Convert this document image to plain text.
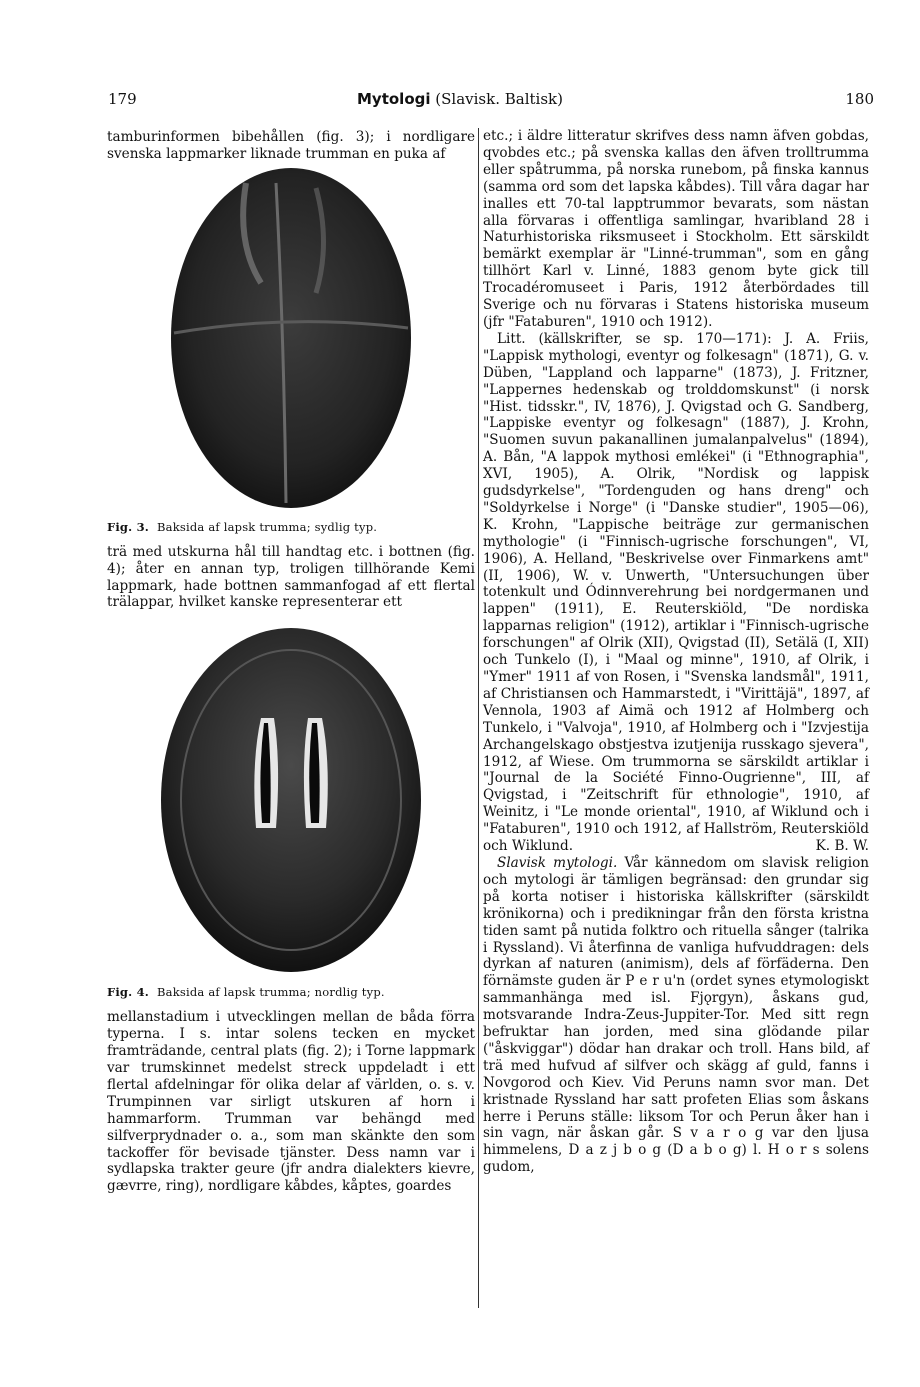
179	Mytologi (Slavisk. Baltisk)	180

tamburinformen bibehållen (fig. 3); i nordligare svenska lappmarker liknade trumman en puka af

Fig. 3. Baksida af lapsk trumma; sydlig typ.

trä med utskurna hål till handtag etc. i bottnen (fig. 4); åter en annan typ, troligen tillhörande Kemi lappmark, hade bottnen sammanfogad af ett flertal trälappar, hvilket kanske representerar ett

Fig. 4. Baksida af lapsk trumma; nordlig typ.

mellanstadium i utvecklingen mellan de båda förra typerna. I s. intar solens tecken en mycket framträdande, central plats (fig. 2); i Torne lappmark var trumskinnet medelst streck uppdeladt i ett flertal afdelningar för olika delar af världen, o. s. v. Trumpinnen var sirligt utskuren af horn i hammarform. Trumman var behängd med silfverprydnader o. a., som man skänkte den som tackoffer för bevisade tjänster. Dess namn var i sydlapska trakter geure (jfr andra dialekters kievre, gævrre, ring), nordligare kåbdes, kåptes, goardes

etc.; i äldre litteratur skrifves dess namn äfven gobdas, qvobdes etc.; på svenska kallas den äfven trolltrumma eller spåtrumma, på norska runebom, på finska kannus (samma ord som det lapska kåbdes). Till våra dagar har inalles ett 70-tal lapptrummor bevarats, som nästan alla förvaras i offentliga samlingar, hvaribland 28 i Naturhistoriska riksmuseet i Stockholm. Ett särskildt bemärkt exemplar är "Linné-trumman", som en gång tillhört Karl v. Linné, 1883 genom byte gick till Trocadéromuseet i Paris, 1912 återbördades till Sverige och nu förvaras i Statens historiska museum (jfr "Fataburen", 1910 och 1912).

Litt. (källskrifter, se sp. 170—171): J. A. Friis, "Lappisk mythologi, eventyr og folkesagn" (1871), G. v. Düben, "Lappland och lapparne" (1873), J. Fritzner, "Lappernes hedenskab og trolddomskunst" (i norsk "Hist. tidsskr.", IV, 1876), J. Qvigstad och G. Sandberg, "Lappiske eventyr og folkesagn" (1887), J. Krohn, "Suomen suvun pakanallinen jumalanpalvelus" (1894), A. Bån, "A lappok mythosi emlékei" (i "Ethnographia", XVI, 1905), A. Olrik, "Nordisk og lappisk gudsdyrkelse", "Tordenguden og hans dreng" och "Soldyrkelse i Norge" (i "Danske studier", 1905—06), K. Krohn, "Lappische beiträge zur germanischen mythologie" (i "Finnisch-ugrische forschungen", VI, 1906), A. Helland, "Beskrivelse over Finmarkens amt" (II, 1906), W. v. Unwerth, "Untersuchungen über totenkult und Ódinnverehrung bei nordgermanen und lappen" (1911), E. Reuterskiöld, "De nordiska lapparnas religion" (1912), artiklar i "Finnisch-ugrische forschungen" af Olrik (XII), Qvigstad (II), Setälä (I, XII) och Tunkelo (I), i "Maal og minne", 1910, af Olrik, i "Ymer" 1911 af von Rosen, i "Svenska landsmål", 1911, af Christiansen och Hammarstedt, i "Virittäjä", 1897, af Vennola, 1903 af Aimä och 1912 af Holmberg och Tunkelo, i "Valvoja", 1910, af Holmberg och i "Izvjestija Archangelskago obstjestva izutjenija russkago sjevera", 1912, af Wiese. Om trummorna se särskildt artiklar i "Journal de la Société Finno-Ougrienne", III, af Qvigstad, i "Zeitschrift für ethnologie", 1910, af Weinitz, i "Le monde oriental", 1910, af Wiklund och i "Fataburen", 1910 och 1912, af Hallström, Reuterskiöld och Wiklund.	K. B. W.

Slavisk mytologi. Vår kännedom om slavisk religion och mytologi är tämligen begränsad: den grundar sig på korta notiser i historiska källskrifter (särskildt krönikorna) och i predikningar från den första kristna tiden samt på nutida folktro och rituella sånger (talrika i Ryssland). Vi återfinna de vanliga hufvuddragen: dels dyrkan af naturen (animism), dels af förfäderna. Den förnämste guden är P e r u'n (ordet synes etymologiskt sammanhänga med isl. Fjǫrgyn), åskans gud, motsvarande Indra-Zeus-Juppiter-Tor. Med sitt regn befruktar han jorden, med sina glödande pilar ("åskviggar") dödar han drakar och troll. Hans bild, af trä med hufvud af silfver och skägg af guld, fanns i Novgorod och Kiev. Vid Peruns namn svor man. Det kristnade Ryssland har satt profeten Elias som åskans herre i Peruns ställe: liksom Tor och Perun åker han i sin vagn, när åskan går. S v a r o g var den ljusa himmelens, D a z j b o g (D a b o g) l. H o r s solens gudom,
